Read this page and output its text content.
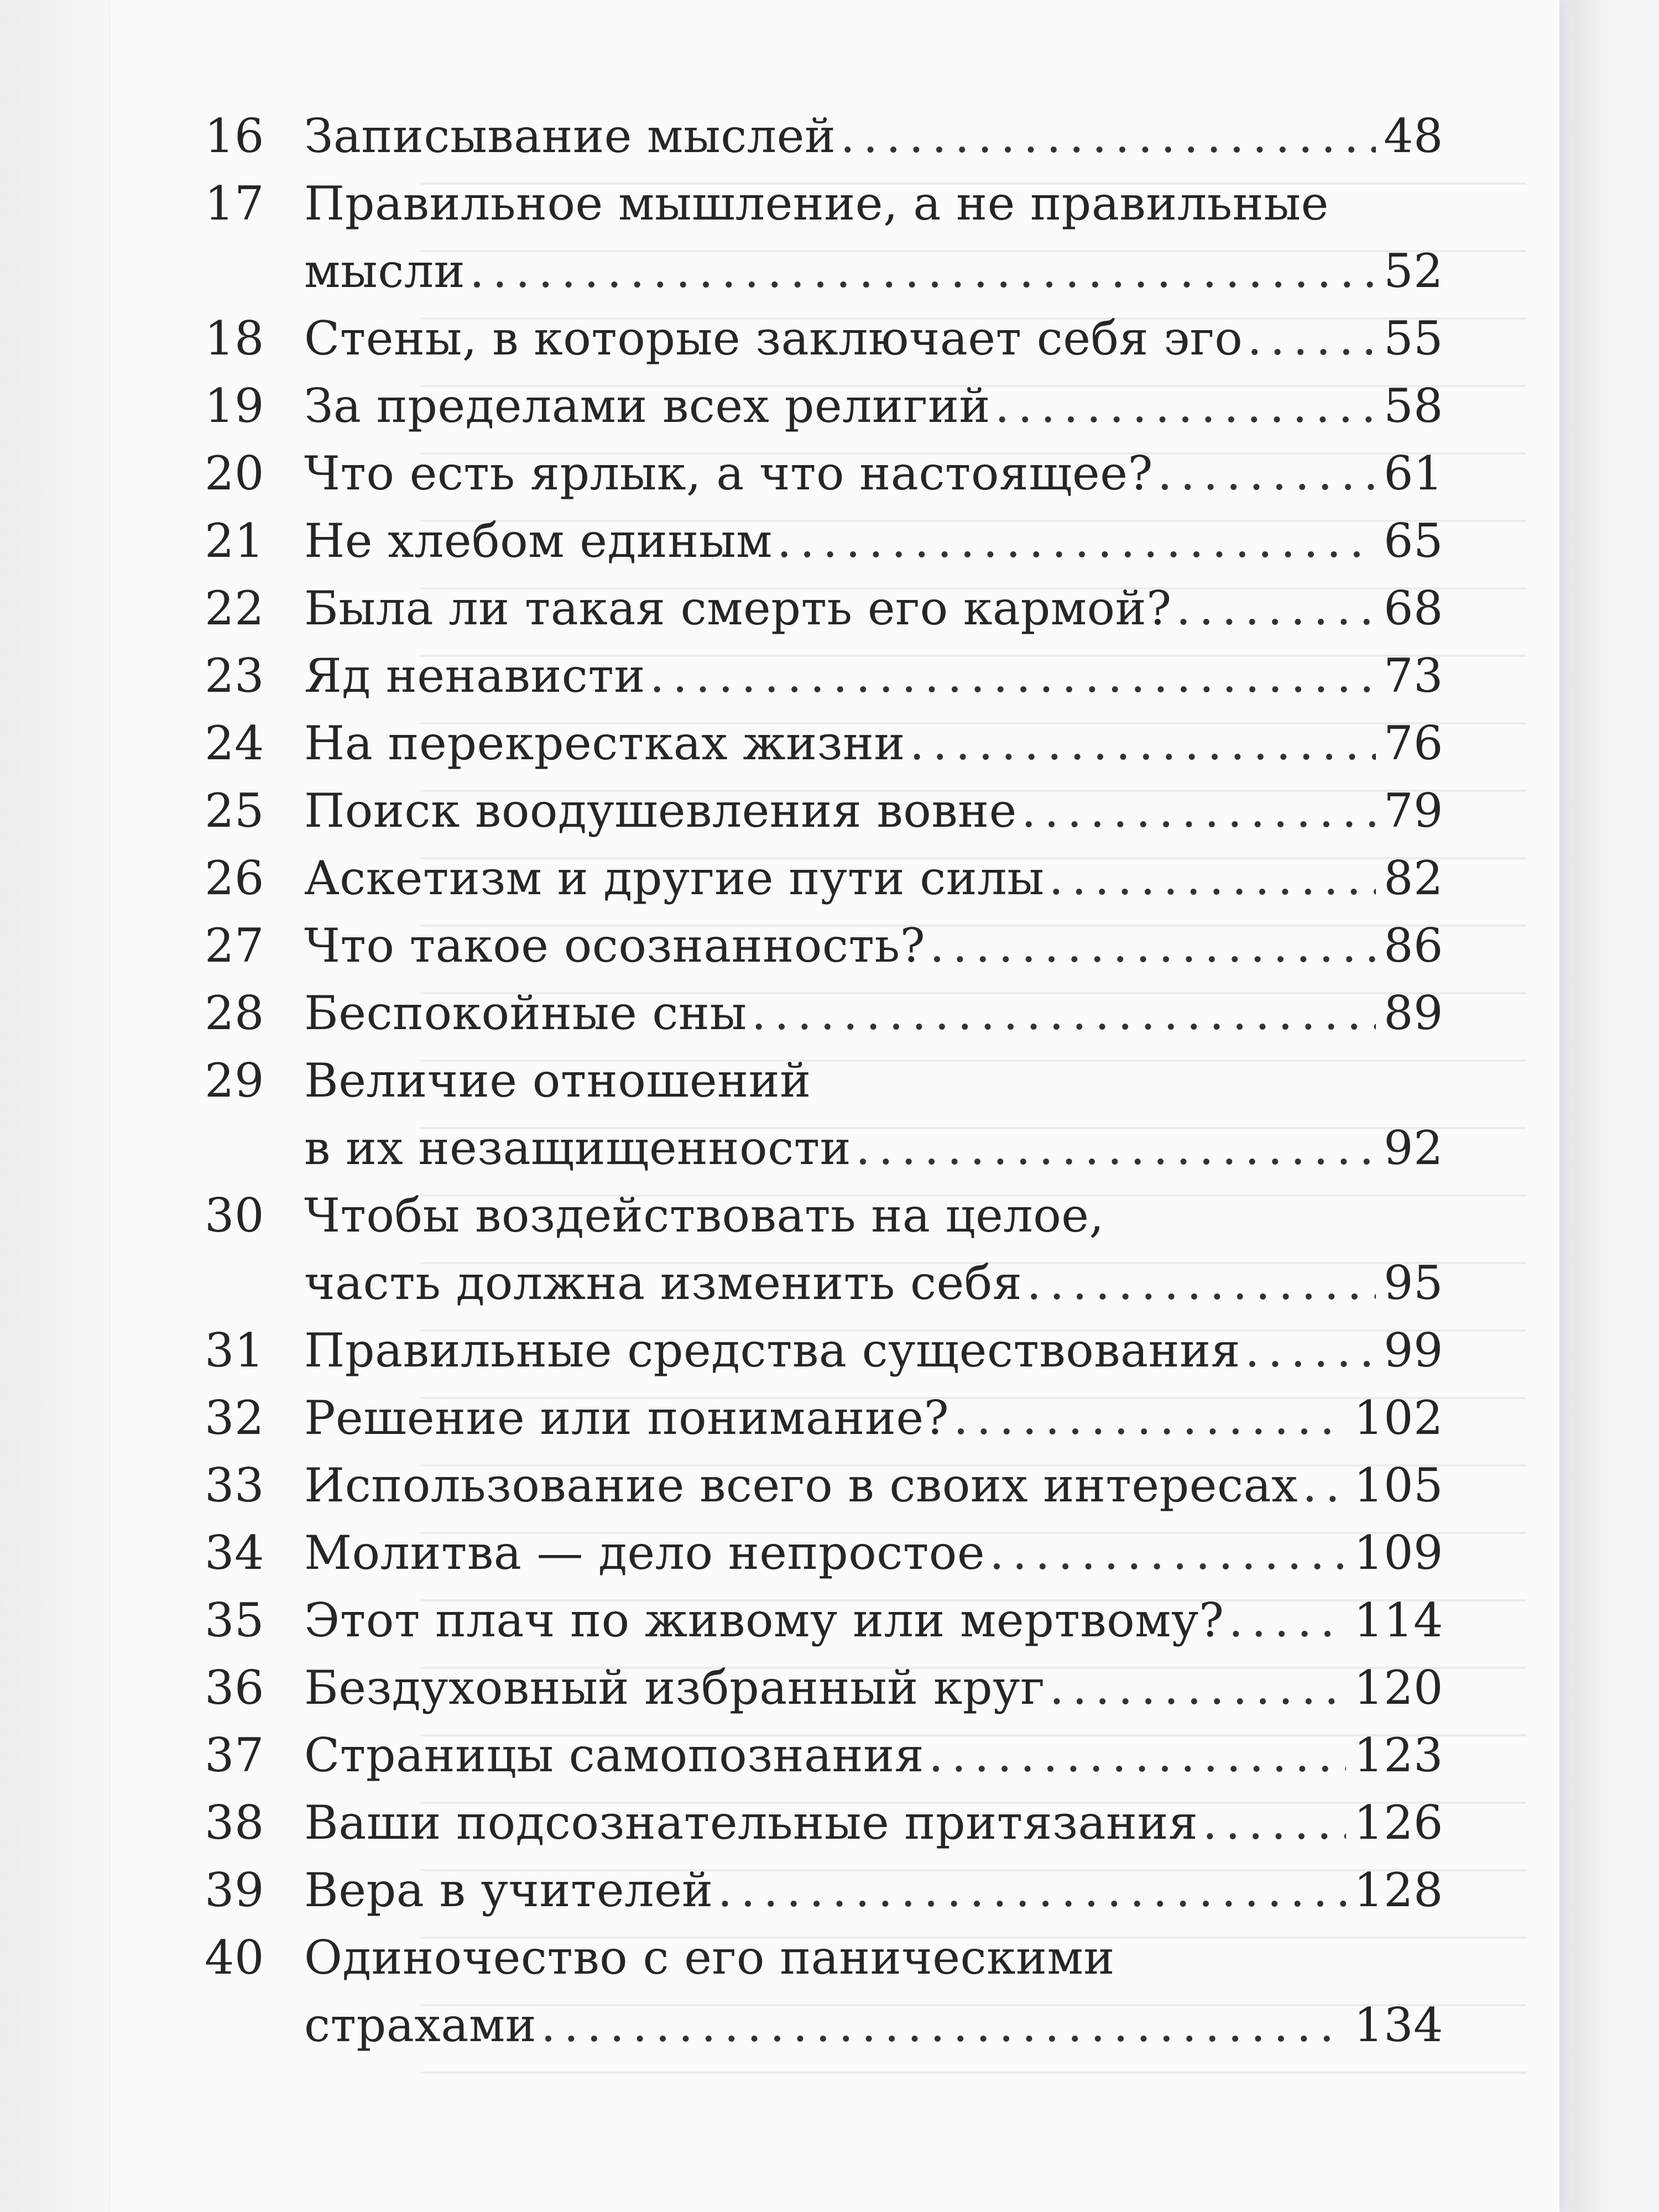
16 Записывание мыслей . . .	48
17 Правильное мышление, а не правильные
мысли . . .	52
18 Стены, в которые заключает себя эго . . .	55
19 За пределами всех религий . . .	58
20 Что есть ярлык, а что настоящее? . . .	61
21 Не хлебом единым . . .	65
22 Была ли такая смерть его кармой? . . .	68
23 Яд ненависти . . .	73
24 На перекрестках жизни . . .	76
25 Поиск воодушевления вовне . . .	79
26 Аскетизм и другие пути силы . . .	82
27 Что такое осознанность? . . .	86
28 Беспокойные сны . . .	89
29 Величие отношений
в их незащищенности . . .	92
30 Чтобы воздействовать на целое,
часть должна изменить себя . . .	95
31 Правильные средства существования . . .	99
32 Решение или понимание? . . .	102
33 Использование всего в своих интересах . . . 105
34 Молитва — дело непростое . . .	109
35 Этот плач по живому или мертвому? . . .	114
36 Бездуховный избранный круг . . .	120
37 Страницы самопознания . . .	123
38 Ваши подсознательные притязания . . .	126
39 Вера в учителей . . .	128
40 Одиночество с его паническими
страхами . . .	134
